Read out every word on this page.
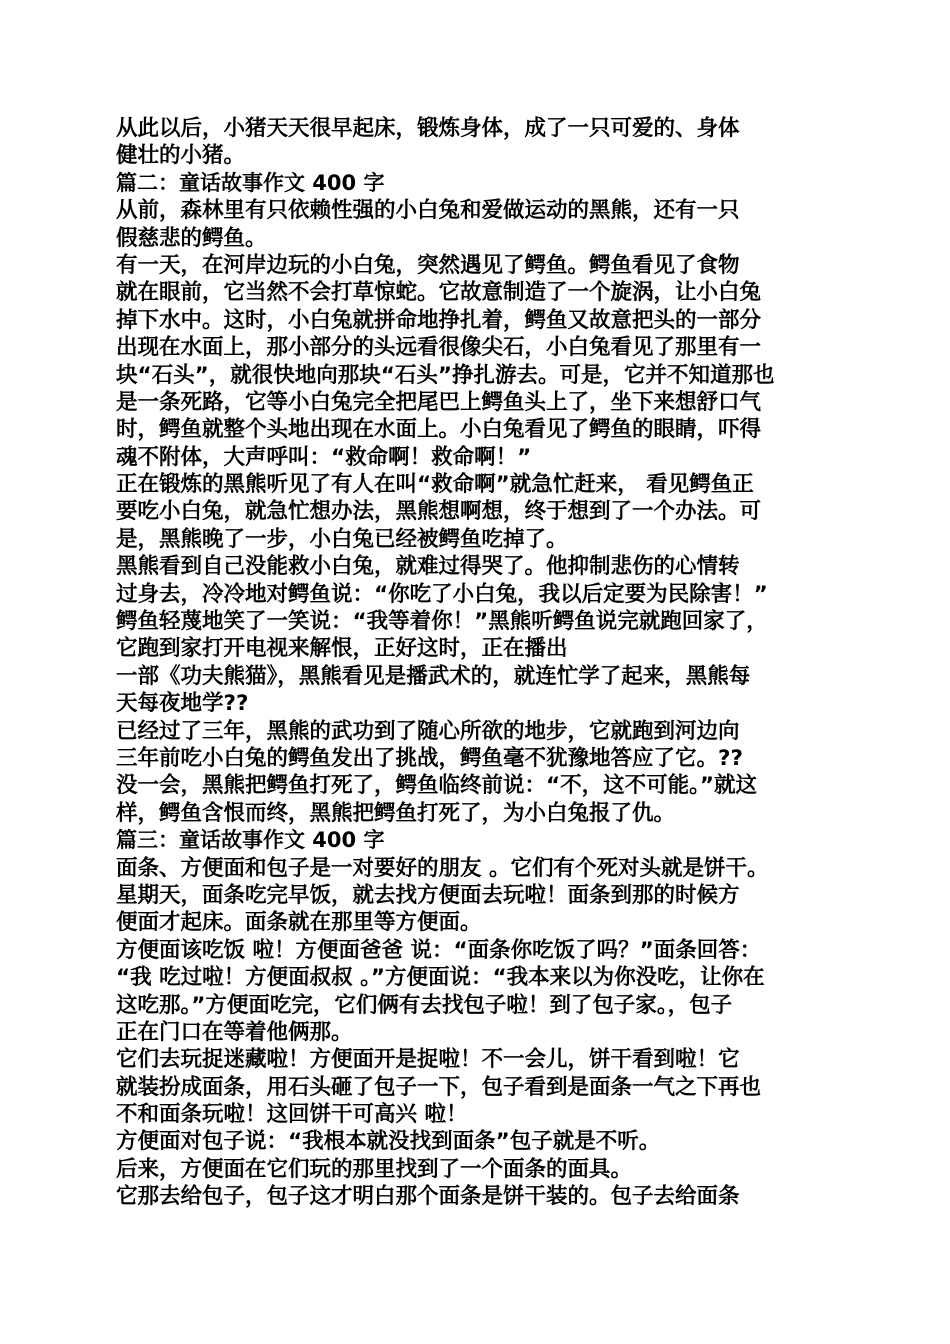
从此以后，小猪天天很早起床，锻炼身体，成了一只可爱的、身体
健壮的小猪。
篇二：童话故事作文 400 字
从前，森林里有只依赖性强的小白兔和爱做运动的黑熊，还有一只
假慈悲的鳄鱼。
有一天，在河岸边玩的小白兔，突然遇见了鳄鱼。鳄鱼看见了食物
就在眼前，它当然不会打草惊蛇。它故意制造了一个旋涡，让小白兔
掉下水中。这时，小白兔就拼命地挣扎着，鳄鱼又故意把头的一部分
出现在水面上，那小部分的头远看很像尖石，小白兔看见了那里有一
块“石头”，就很快地向那块“石头”挣扎游去。可是，它并不知道那也
是一条死路，它等小白兔完全把尾巴上鳄鱼头上了，坐下来想舒口气
时，鳄鱼就整个头地出现在水面上。小白兔看见了鳄鱼的眼睛，吓得
魂不附体，大声呼叫：“救命啊！救命啊！”
正在锻炼的黑熊听见了有人在叫“救命啊”就急忙赶来， 看见鳄鱼正
要吃小白兔，就急忙想办法，黑熊想啊想，终于想到了一个办法。可
是，黑熊晚了一步，小白兔已经被鳄鱼吃掉了。
黑熊看到自己没能救小白兔，就难过得哭了。他抑制悲伤的心情转
过身去，冷冷地对鳄鱼说：“你吃了小白兔，我以后定要为民除害！”
鳄鱼轻蔑地笑了一笑说：“我等着你！”黑熊听鳄鱼说完就跑回家了，
它跑到家打开电视来解恨，正好这时，正在播出
一部《功夫熊猫》，黑熊看见是播武术的，就连忙学了起来，黑熊每
天每夜地学??
已经过了三年，黑熊的武功到了随心所欲的地步，它就跑到河边向
三年前吃小白兔的鳄鱼发出了挑战，鳄鱼毫不犹豫地答应了它。??
没一会，黑熊把鳄鱼打死了，鳄鱼临终前说：“不，这不可能。”就这
样，鳄鱼含恨而终，黑熊把鳄鱼打死了，为小白兔报了仇。
篇三：童话故事作文 400 字
面条、方便面和包子是一对要好的朋友 。它们有个死对头就是饼干。
星期天，面条吃完早饭，就去找方便面去玩啦！面条到那的时候方
便面才起床。面条就在那里等方便面。
方便面该吃饭 啦！方便面爸爸 说：“面条你吃饭了吗？”面条回答：
“我 吃过啦！方便面叔叔 。”方便面说：“我本来以为你没吃，让你在
这吃那。”方便面吃完，它们俩有去找包子啦！到了包子家。，包子
正在门口在等着他俩那。
它们去玩捉迷藏啦！方便面开是捉啦！不一会儿，饼干看到啦！它
就装扮成面条，用石头砸了包子一下，包子看到是面条一气之下再也
不和面条玩啦！这回饼干可高兴 啦！
方便面对包子说：“我根本就没找到面条”包子就是不听。
后来，方便面在它们玩的那里找到了一个面条的面具。
它那去给包子，包子这才明白那个面条是饼干装的。包子去给面条
